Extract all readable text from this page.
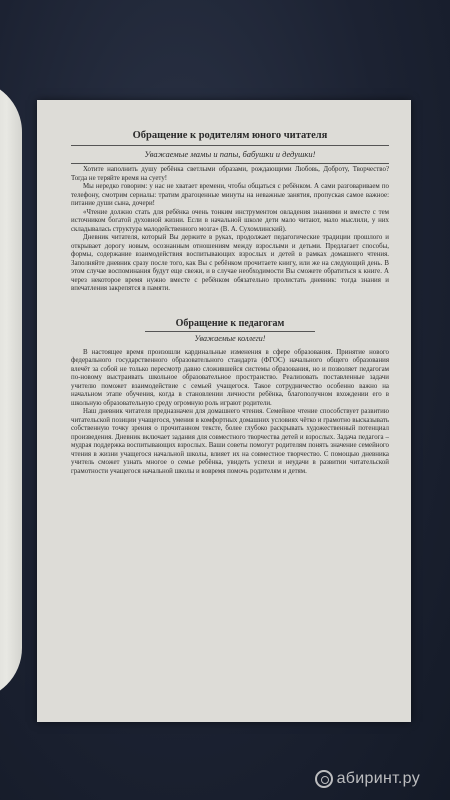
Обращение к родителям юного читателя
Уважаемые мамы и папы, бабушки и дедушки!

Хотите наполнить душу ребёнка светлыми образами, рождающими Любовь, Доброту, Творчество? Тогда не теряйте время на суету!

Мы нередко говорим: у нас не хватает времени, чтобы общаться с ребёнком. А сами разговариваем по телефону, смотрим сериалы: тратим драгоценные минуты на неважные занятия, пропуская самое важное: питание души сына, дочери!

«Чтение должно стать для ребёнка очень тонким инструментом овладения знаниями и вместе с тем источником богатой духовной жизни. Если в начальной школе дети мало читают, мало мыслили, у них складывалась структура малодейственного мозга» (В. А. Сухомлинский).

Дневник читателя, который Вы держите в руках, продолжает педагогические традиции прошлого и открывает дорогу новым, осознанным отношениям между взрослыми и детьми. Предлагает способы, формы, содержание взаимодействия воспитывающих взрослых и детей в рамках домашнего чтения. Заполняйте дневник сразу после того, как Вы с ребёнком прочитаете книгу, или же на следующий день. В этом случае воспоминания будут еще свежи, и в случае необходимости Вы сможете обратиться к книге. А через некоторое время нужно вместе с ребёнком обязательно пролистать дневник: тогда знания и впечатления закрепятся в памяти.

Обращение к педагогам
Уважаемые коллеги!

В настоящее время произошли кардинальные изменения в сфере образования. Принятие нового федерального государственного образовательного стандарта (ФГОС) начального общего образования влечёт за собой не только пересмотр давно сложившейся системы образования, но и позволяет педагогам по-новому выстраивать школьное образовательное пространство. Реализовать поставленные задачи учителю поможет взаимодействие с семьей учащегося. Такое сотрудничество особенно важно на начальном этапе обучения, когда в становлении личности ребёнка, благополучном вхождении его в школьную образовательную среду огромную роль играют родители.

Наш дневник читателя предназначен для домашнего чтения. Семейное чтение способствует развитию читательской позиции учащегося, умения в комфортных домашних условиях чётко и грамотно высказывать собственную точку зрения о прочитанном тексте, более глубоко раскрывать художественный потенциал произведения. Дневник включает задания для совместного творчества детей и взрослых. Задача педагога – мудрая поддержка воспитывающих взрослых. Ваши советы помогут родителям понять значение семейного чтения в жизни учащегося начальной школы, влияет их на совместное творчество. С помощью дневника учитель сможет узнать многое о семье ребёнка, увидеть успехи и неудачи в развитии читательской грамотности учащегося начальной школы и вовремя помочь родителям и детям.

абиринт.ру
